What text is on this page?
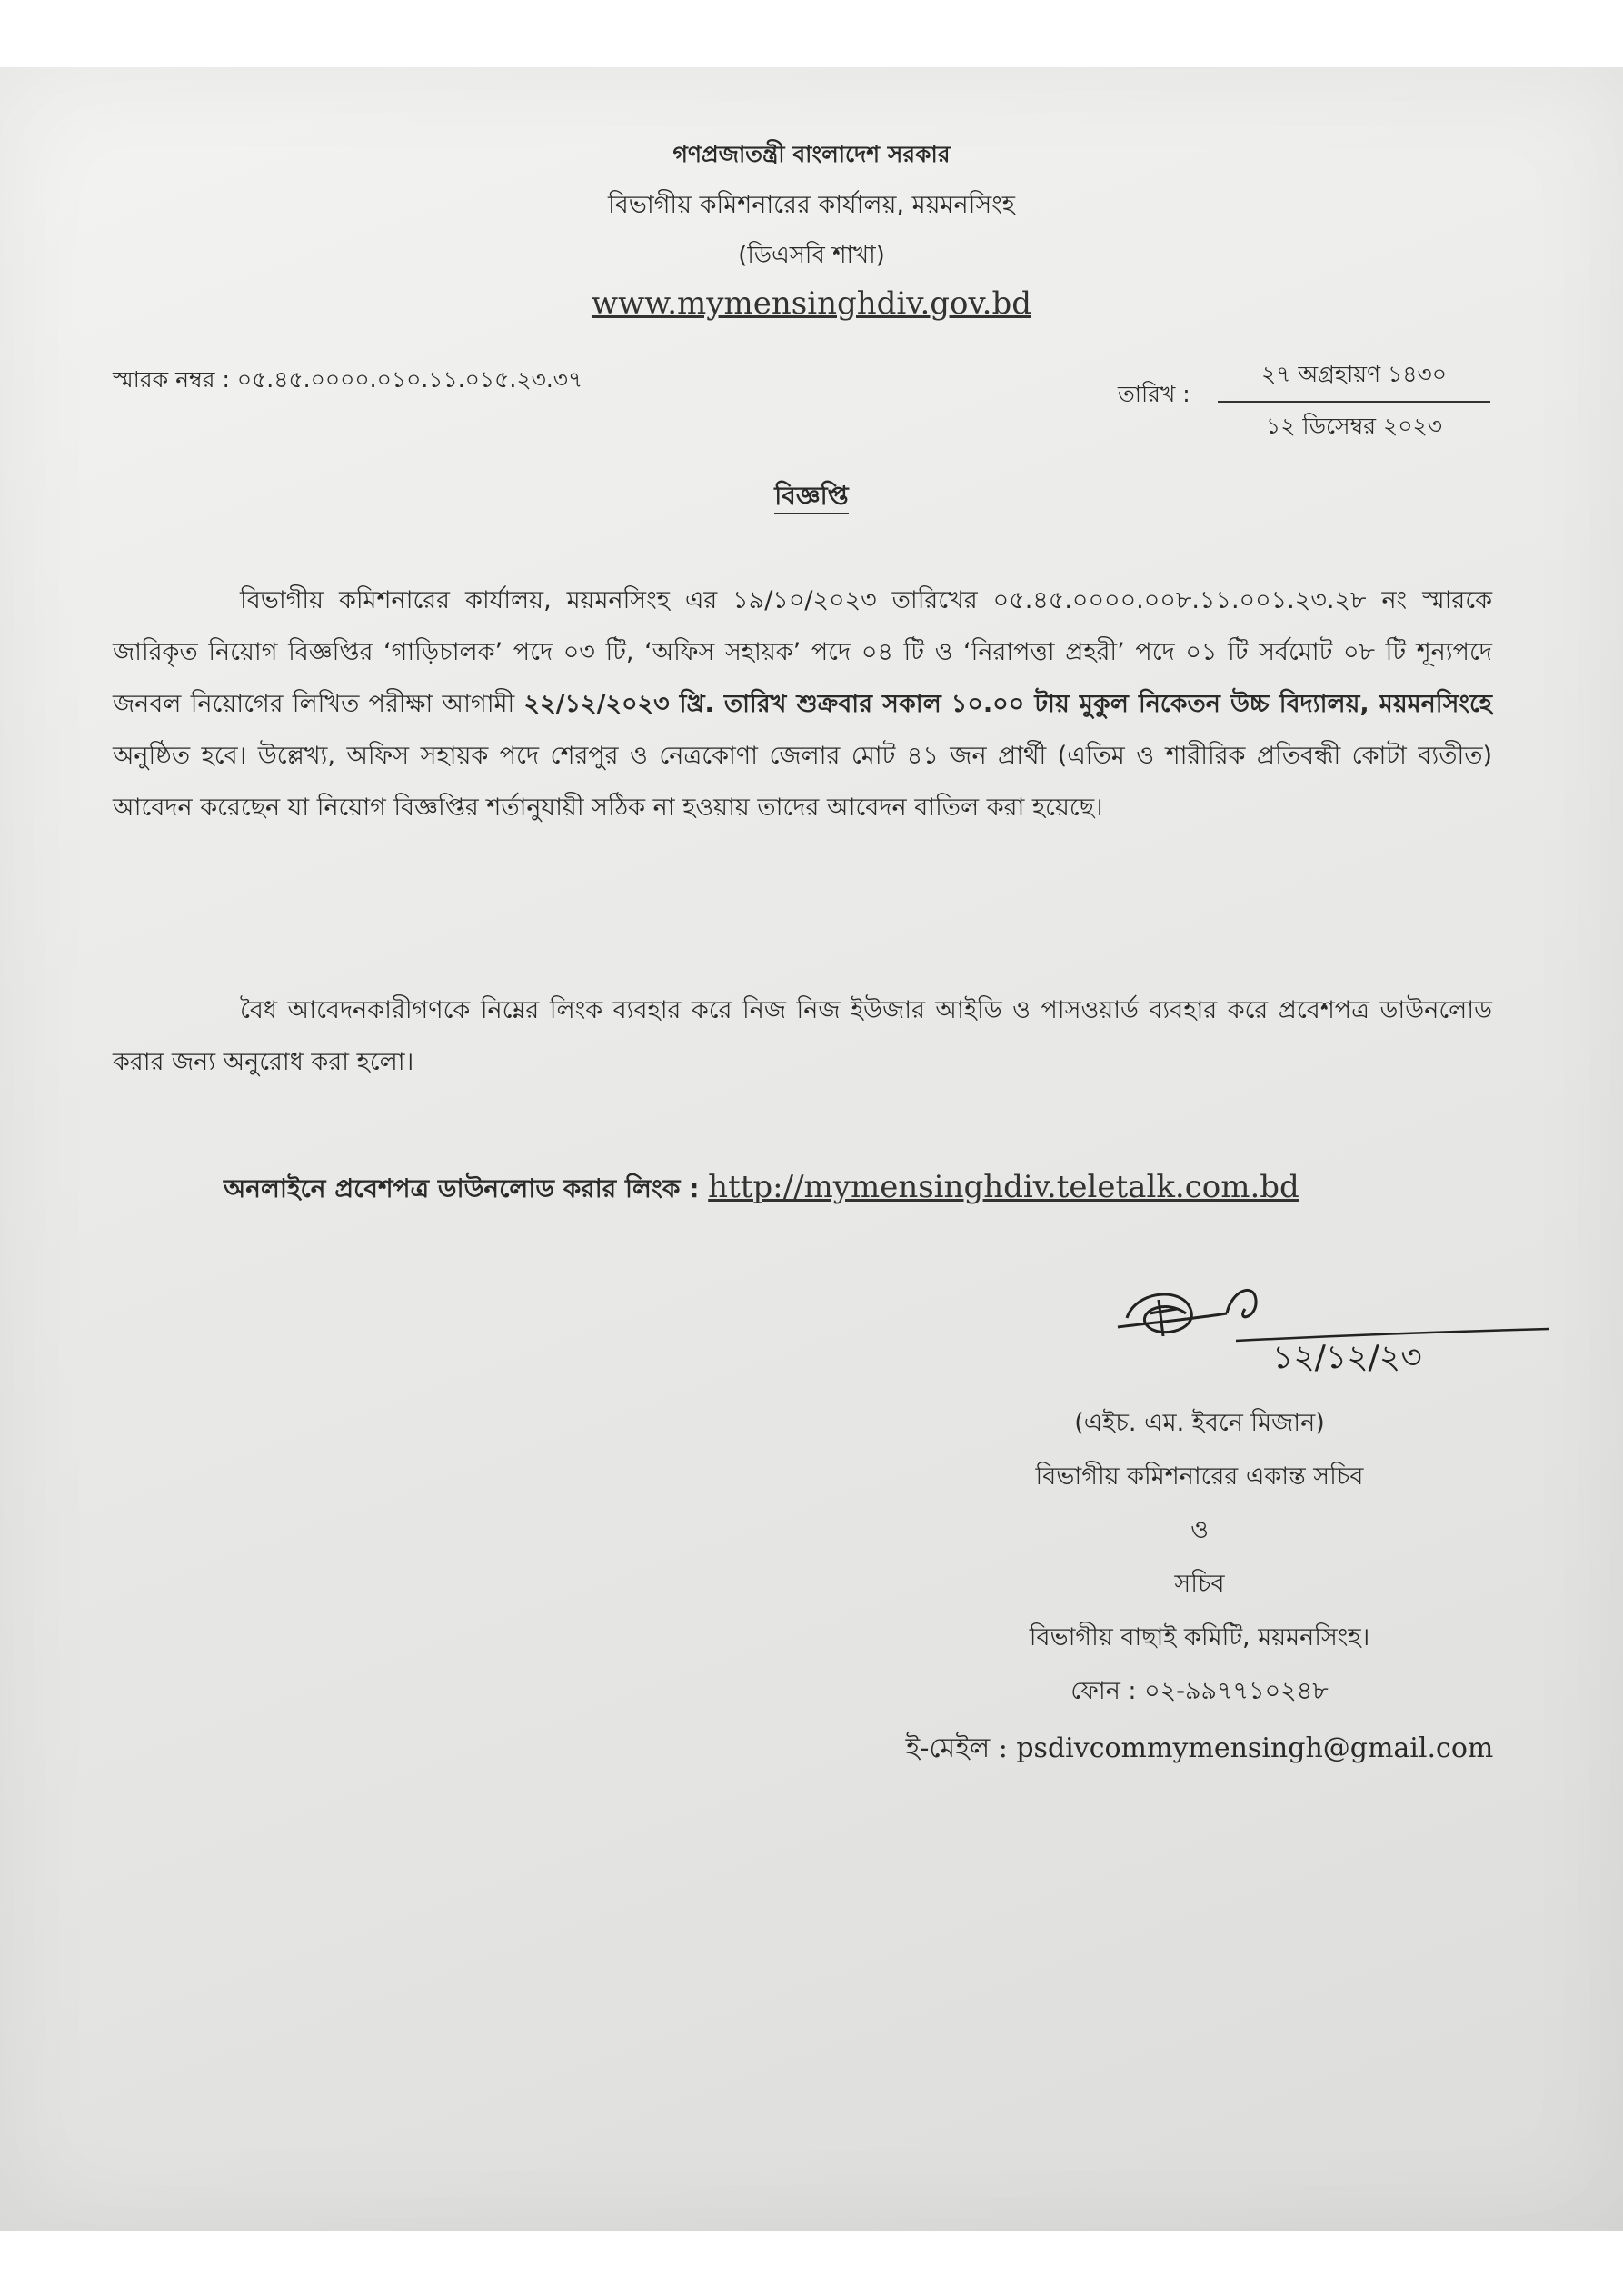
গণপ্রজাতন্ত্রী বাংলাদেশ সরকার
বিভাগীয় কমিশনারের কার্যালয়, ময়মনসিংহ
(ডিএসবি শাখা)
www.mymensinghdiv.gov.bd
স্মারক নম্বর : ০৫.৪৫.০০০০.০১০.১১.০১৫.২৩.৩৭
তারিখ :
২৭ অগ্রহায়ণ ১৪৩০
১২ ডিসেম্বর ২০২৩
বিজ্ঞপ্তি
বিভাগীয় কমিশনারের কার্যালয়, ময়মনসিংহ এর ১৯/১০/২০২৩ তারিখের ০৫.৪৫.০০০০.০০৮.১১.০০১.২৩.২৮ নং স্মারকে জারিকৃত নিয়োগ বিজ্ঞপ্তির ‘গাড়িচালক’ পদে ০৩ টি, ‘অফিস সহায়ক’ পদে ০৪ টি ও ‘নিরাপত্তা প্রহরী’ পদে ০১ টি সর্বমোট ০৮ টি শূন্যপদে জনবল নিয়োগের লিখিত পরীক্ষা আগামী ২২/১২/২০২৩ খ্রি. তারিখ শুক্রবার সকাল ১০.০০ টায় মুকুল নিকেতন উচ্চ বিদ্যালয়, ময়মনসিংহে অনুষ্ঠিত হবে। উল্লেখ্য, অফিস সহায়ক পদে শেরপুর ও নেত্রকোণা জেলার মোট ৪১ জন প্রার্থী (এতিম ও শারীরিক প্রতিবন্ধী কোটা ব্যতীত) আবেদন করেছেন যা নিয়োগ বিজ্ঞপ্তির শর্তানুযায়ী সঠিক না হওয়ায় তাদের আবেদন বাতিল করা হয়েছে।
বৈধ আবেদনকারীগণকে নিম্নের লিংক ব্যবহার করে নিজ নিজ ইউজার আইডি ও পাসওয়ার্ড ব্যবহার করে প্রবেশপত্র ডাউনলোড করার জন্য অনুরোধ করা হলো।
অনলাইনে প্রবেশপত্র ডাউনলোড করার লিংক : http://mymensinghdiv.teletalk.com.bd
১২/১২/২৩
(এইচ. এম. ইবনে মিজান)
বিভাগীয় কমিশনারের একান্ত সচিব
ও
সচিব
বিভাগীয় বাছাই কমিটি, ময়মনসিংহ।
ফোন : ০২-৯৯৭৭১০২৪৮
ই-মেইল : psdivcommymensingh@gmail.com
